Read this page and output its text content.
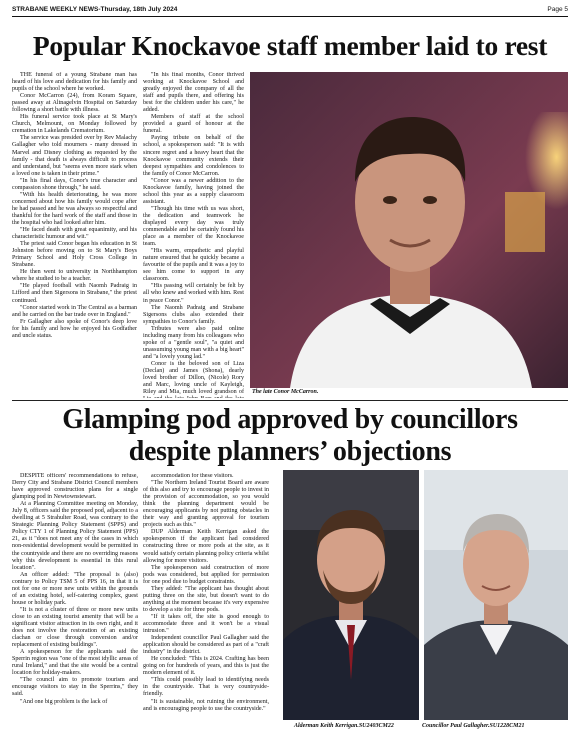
STRABANE WEEKLY NEWS-Thursday, 18th July 2024	Page 5
Popular Knockavoe staff member laid to rest

THE funeral of a young Strabane man has heard of his love and dedication for his family and pupils of the school where he worked.

Conor McCarron (24), from Koram Square, passed away at Altnagelvin Hospital on Saturday following a short battle with illness.

His funeral service took place at St Mary's Church, Melmount, on Monday followed by cremation in Lakelands Crematorium.

The service was presided over by Rev Malachy Gallagher who told mourners - many dressed in Marvel and Disney clothing as requested by the family - that death is always difficult to process and understand, but "seems even more stark when a loved one is taken in their prime."

"In his final days, Conor's true character and compassion shone through," he said.

"With his health deteriorating, he was more concerned about how his family would cope after he had passed and he was always so respectful and thankful for the hard work of the staff and those in the hospital who had looked after him.

"He faced death with great equanimity, and his characteristic humour and wit."

The priest said Conor began his education in St Johnston before moving on to St Mary's Boys Primary School and Holy Cross College in Strabane.

He then went to university in Northhampton where he studied to be a teacher.

"He played football with Naomh Padraig in Lifford and then Sigersons in Strabane," the priest continued.

"Conor started work in The Central as a barman and he carried on the bar trade over in England."

Fr Gallagher also spoke of Conor's deep love for his family and how he enjoyed his Godfather and uncle status.

"In his final months, Conor thrived working at Knockavoe School and greatly enjoyed the company of all the staff and pupils there, and offering his best for the children under his care," he added.

Members of staff at the school provided a guard of honour at the funeral.

Paying tribute on behalf of the school, a spokesperson said: "It is with sincere regret and a heavy heart that the Knockavoe community extends their deepest sympathies and condolences to the family of Conor McCarron.

"Conor was a newer addition to the Knockavoe family, having joined the school this year as a supply classroom assistant.

"Though his time with us was short, the dedication and teamwork he displayed every day was truly commendable and he certainly found his place as a member of the Knockavoe team.

"His warm, empathetic and playful nature ensured that he quickly became a favourite of the pupils and it was a joy to see him come to support in any classroom.

"His passing will certainly be felt by all who knew and worked with him. Rest in peace Conor."

The Naomh Padraig and Strabane Sigersons clubs also extended their sympathies to Conor's family.

Tributes were also paid online including many from his colleagues who spoke of a "gentle soul", "a quiet and unassuming young man with a big heart" and "a lovely young lad."

Conor is the beloved son of Liza (Declan) and James (Shona), dearly loved brother of Dillon, (Nicole) Rory and Marc, loving uncle of Kayleigh, Riley and Mia, much loved grandson of The late Conor McCarron.
Glamping pod approved by councillors
despite planners’ objections

DESPITE officers' recommendations to refuse, Derry City and Strabane District Council members have approved construction plans for a single glamping pod in Newtownstewart.

At a Planning Committee meeting on Monday, July 8, officers said the proposed pod, adjacent to a dwelling at 5 Strahulter Road, was contrary to the Strategic Planning Policy Statement (SPPS) and Policy CTY 1 of Planning Policy Statement (PPS) 21, as it "does not meet any of the cases in which non-residential development would be permitted in the countryside and there are no overriding reasons why this development is essential in this rural location".

An officer added: "The proposal is (also) contrary to Policy TSM 5 of PPS 16, in that it is not for one or more new units within the grounds of an existing hotel, self-catering complex, guest house or holiday park.

"It is not a cluster of three or more new units close to an existing tourist amenity that will be a significant visitor attraction in its own right, and it does not involve the restoration of an existing clachan or close through conversion and/or replacement of existing buildings".

A spokesperson for the applicants said the Sperrin region was "one of the most idyllic areas of rural Ireland," and that the site would be a central location for holiday-makers.

"The council aim to promote tourism and encourage visitors to stay in the Sperrins," they said.

"And one big problem is the lack of

accommodation for these visitors.

"The Northern Ireland Tourist Board are aware of this also and try to encourage people to invest in the provision of accommodation, so you would think the planning department would be encouraging applicants by not putting obstacles in their way and granting approval for tourism projects such as this."

DUP Alderman Keith Kerrigan asked the spokesperson if the applicant had considered constructing three or more pods at the site, as it would satisfy certain planning policy criteria whilst allowing for more visitors.

The spokesperson said construction of more pods was considered, but applied for permission for one pod due to budget constraints.

They added: "The applicant has thought about putting three on the site, but doesn't want to do anything at the moment because it's very expensive to develop a site for three pods.

"If it takes off, the site is good enough to accommodate three and it won't be a visual intrusion."

Independent councillor Paul Gallagher said the application should be considered as part of a "craft industry" in the district.

He concluded: "This is 2024. Crafting has been going on for hundreds of years, and this is just the modern element of it.

"This could possibly lead to identifying needs in the countryside. That is very countryside-friendly.

"It is sustainable, not ruining the environment, and is encouraging people to use the countryside."

Alderman Keith Kerrigan.SU2403CM22	Councillor Paul Gallagher.SU1228CM21
